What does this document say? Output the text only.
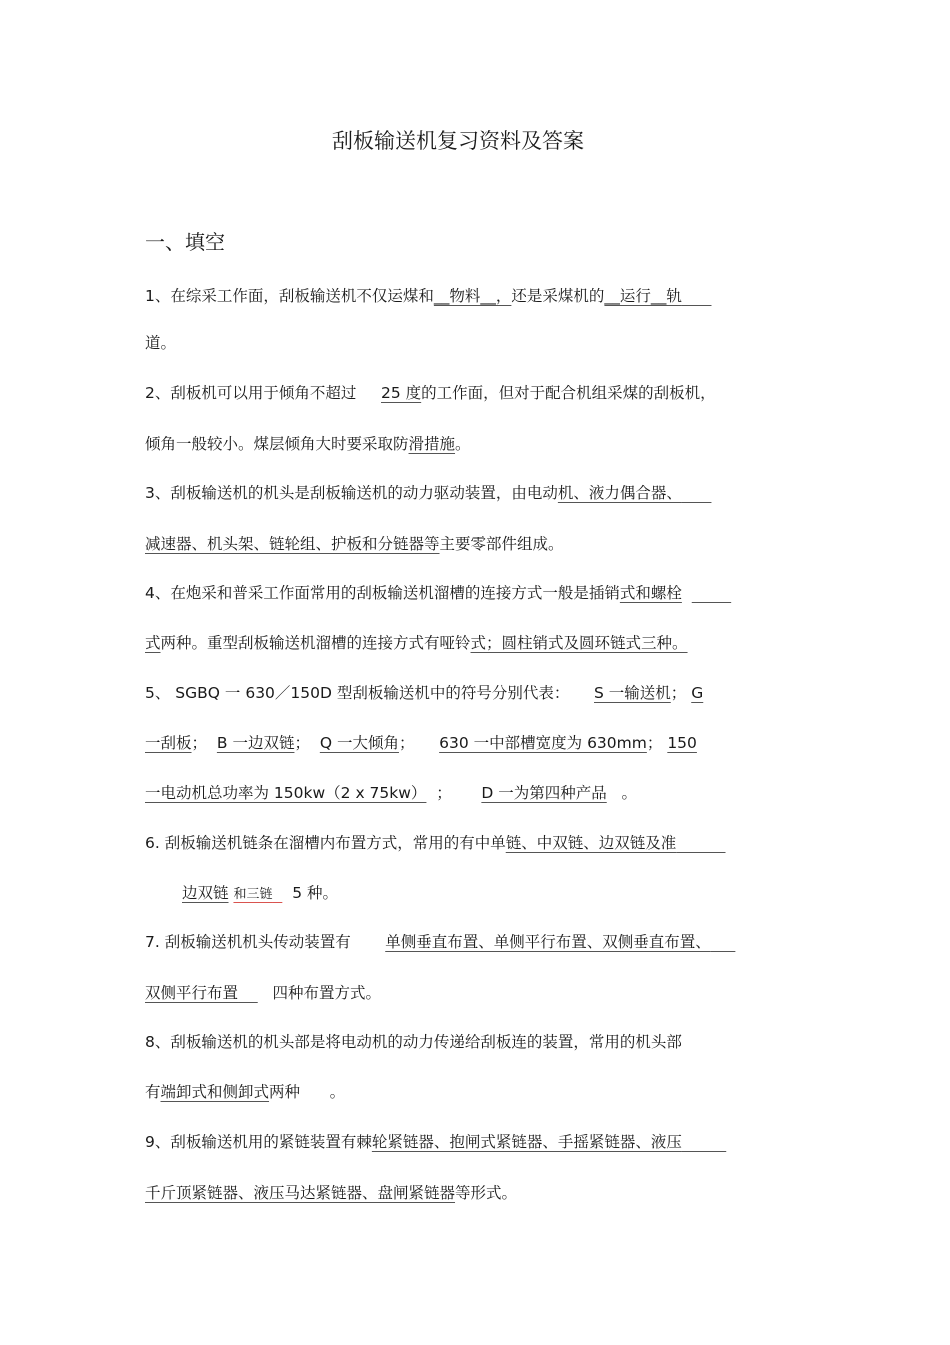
刮板输送机复习资料及答案
一、填空
1、在综采工作面，刮板输送机不仅运煤和__物料__，还是采煤机的__运行__轨
道。
2、刮板机可以用于倾角不超过 25 度的工作面，但对于配合机组采煤的刮板机，
倾角一般较小。煤层倾角大时要采取防滑措施。
3、刮板输送机的机头是刮板输送机的动力驱动装置，由电动机、液力偶合器、
减速器、机头架、链轮组、护板和分链器等主要零部件组成。
4、在炮采和普采工作面常用的刮板输送机溜槽的连接方式一般是插销式和螺栓
式两种。重型刮板输送机溜槽的连接方式有哑铃式；圆柱销式及圆环链式三种。
5、 SGBQ 一 630／150D 型刮板输送机中的符号分别代表： S 一输送机； G
一刮板； B 一边双链； Q 一大倾角； 630 一中部槽宽度为 630mm； 150
一电动机总功率为 150kw（2 x 75kw） ； D 一为第四种产品 。
6. 刮板输送机链条在溜槽内布置方式，常用的有中单链、中双链、边双链及准
边双链 和三链 5 种。
7. 刮板输送机机头传动装置有 单侧垂直布置、单侧平行布置、双侧垂直布置、
双侧平行布置 四种布置方式。
8、刮板输送机的机头部是将电动机的动力传递给刮板连的装置，常用的机头部
有端卸式和侧卸式两种 。
9、刮板输送机用的紧链装置有棘轮紧链器、抱闸式紧链器、手摇紧链器、液压
千斤顶紧链器、液压马达紧链器、盘闸紧链器等形式。
